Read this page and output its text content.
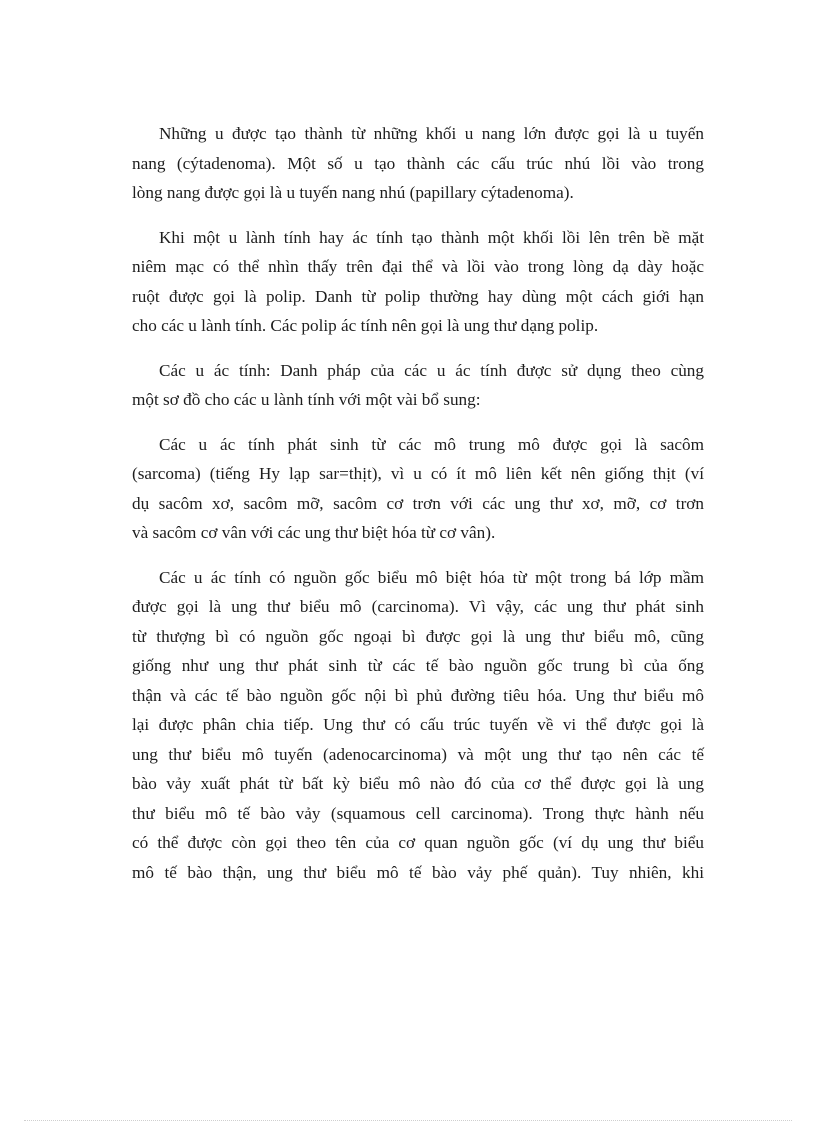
Những u được tạo thành từ những khối u nang lớn được gọi là u tuyến
nang (cýtadenoma). Một số u tạo thành các cấu trúc nhú lồi vào trong
lòng nang được gọi là u tuyến nang nhú (papillary cýtadenoma).
Khi một u lành tính hay ác tính tạo thành một khối lồi lên trên bề mặt
niêm mạc có thể nhìn thấy trên đại thể và lồi vào trong lòng dạ dày hoặc
ruột được gọi là polip. Danh từ polip thường hay dùng một cách giới hạn
cho các u lành tính. Các polip ác tính nên gọi là ung thư dạng polip.
Các u ác tính: Danh pháp của các u ác tính được sử dụng theo cùng
một sơ đồ cho các u lành tính với một vài bổ sung:
Các u ác tính phát sinh từ các mô trung mô được gọi là sacôm
(sarcoma) (tiếng Hy lạp sar=thịt), vì u có ít mô liên kết nên giống thịt (ví
dụ sacôm xơ, sacôm mỡ, sacôm cơ trơn với các ung thư xơ, mỡ, cơ trơn
và sacôm cơ vân với các ung thư biệt hóa từ cơ vân).
Các u ác tính có nguồn gốc biểu mô biệt hóa từ một trong bá lớp mầm
được gọi là ung thư biểu mô (carcinoma). Vì vậy, các ung thư phát sinh
từ thượng bì có nguồn gốc ngoại bì được gọi là ung thư biểu mô, cũng
giống như ung thư phát sinh từ các tế bào nguồn gốc trung bì của ống
thận và các tế bào nguồn gốc nội bì phủ đường tiêu hóa. Ung thư biểu mô
lại được phân chia tiếp. Ung thư có cấu trúc tuyến về vi thể được gọi là
ung thư biểu mô tuyến (adenocarcinoma) và một ung thư tạo nên các tế
bào vảy xuất phát từ bất kỳ biểu mô nào đó của cơ thể được gọi là ung
thư biểu mô tế bào vảy (squamous cell carcinoma). Trong thực hành nếu
có thể được còn gọi theo tên của cơ quan nguồn gốc (ví dụ ung thư biểu
mô tế bào thận, ung thư biểu mô tế bào vảy phế quản). Tuy nhiên, khi
